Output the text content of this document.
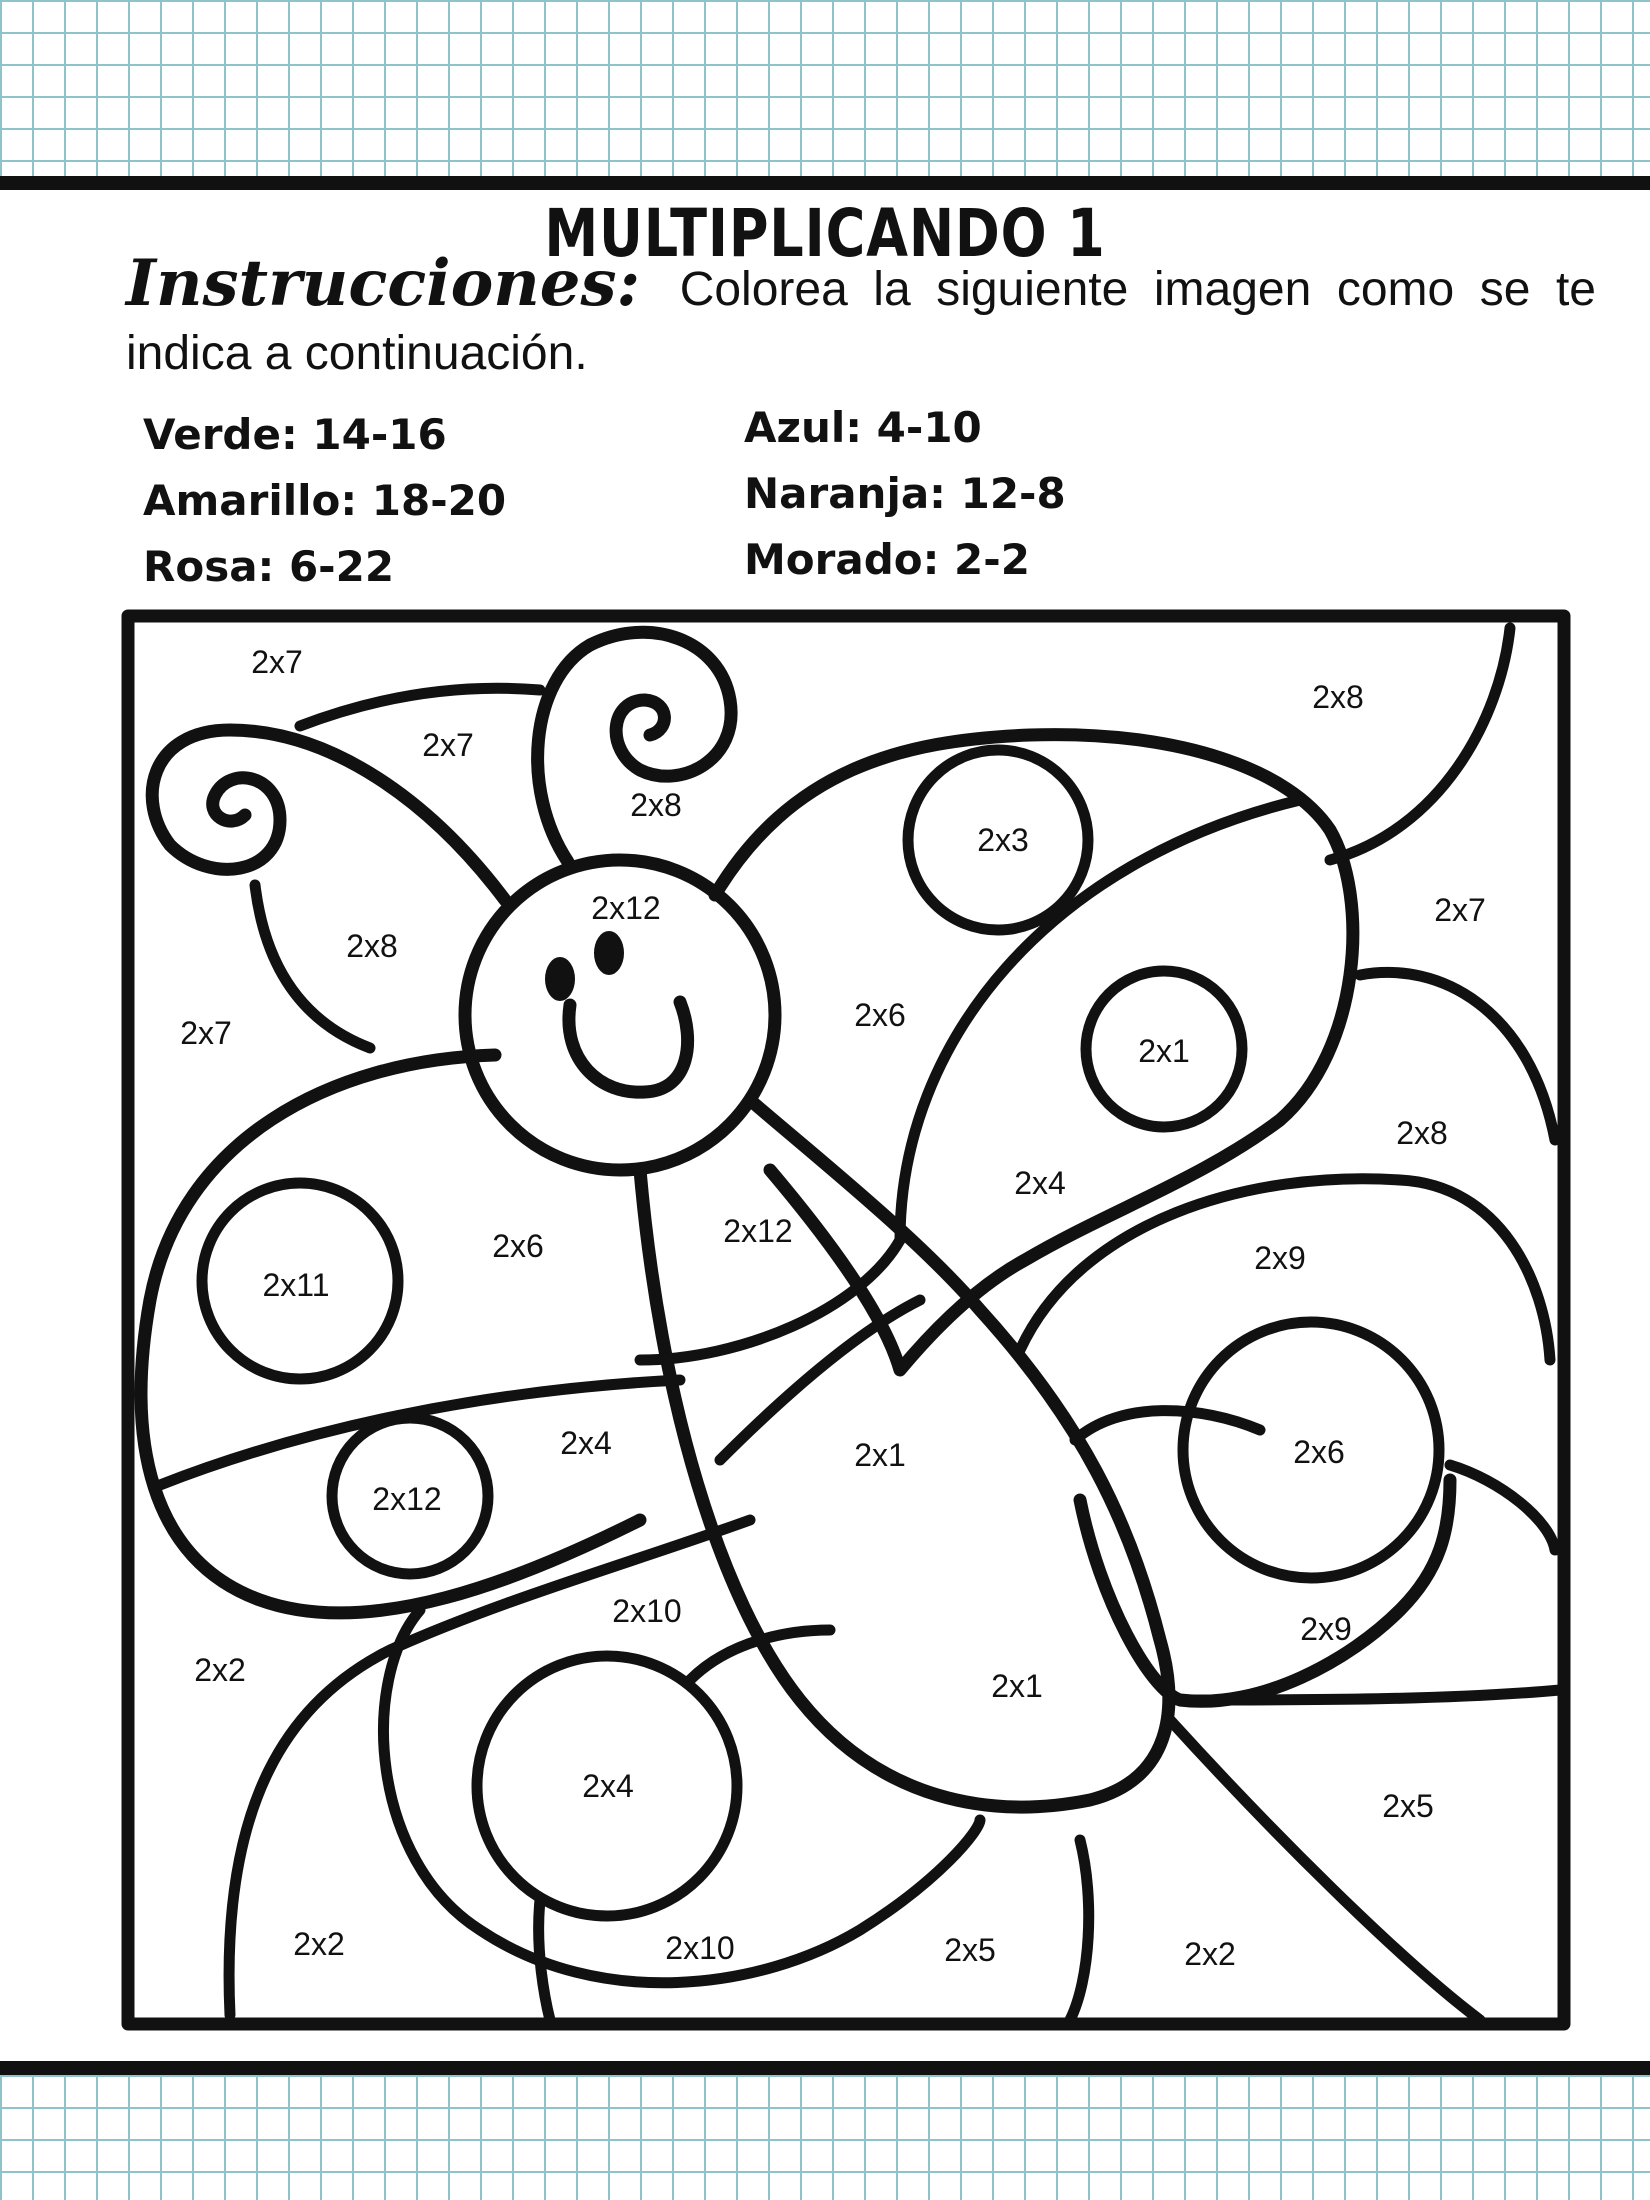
MULTIPLICANDO 1
Instrucciones: Colorea la siguiente imagen como se te indica a continuación.
Verde: 14-16
Amarillo: 18-20
Rosa: 6-22
Azul: 4-10
Naranja: 12-8
Morado: 2-2
2x7
2x7
2x8
2x8
2x3
2x12
2x8
2x7
2x7
2x6
2x1
2x8
2x4
2x6	2x12
2x9
2x11
2x4	2x1	2x6
2x12
2x10	2x9
2x2	2x1
2x4
2x5
2x2	2x10	2x5	2x2
